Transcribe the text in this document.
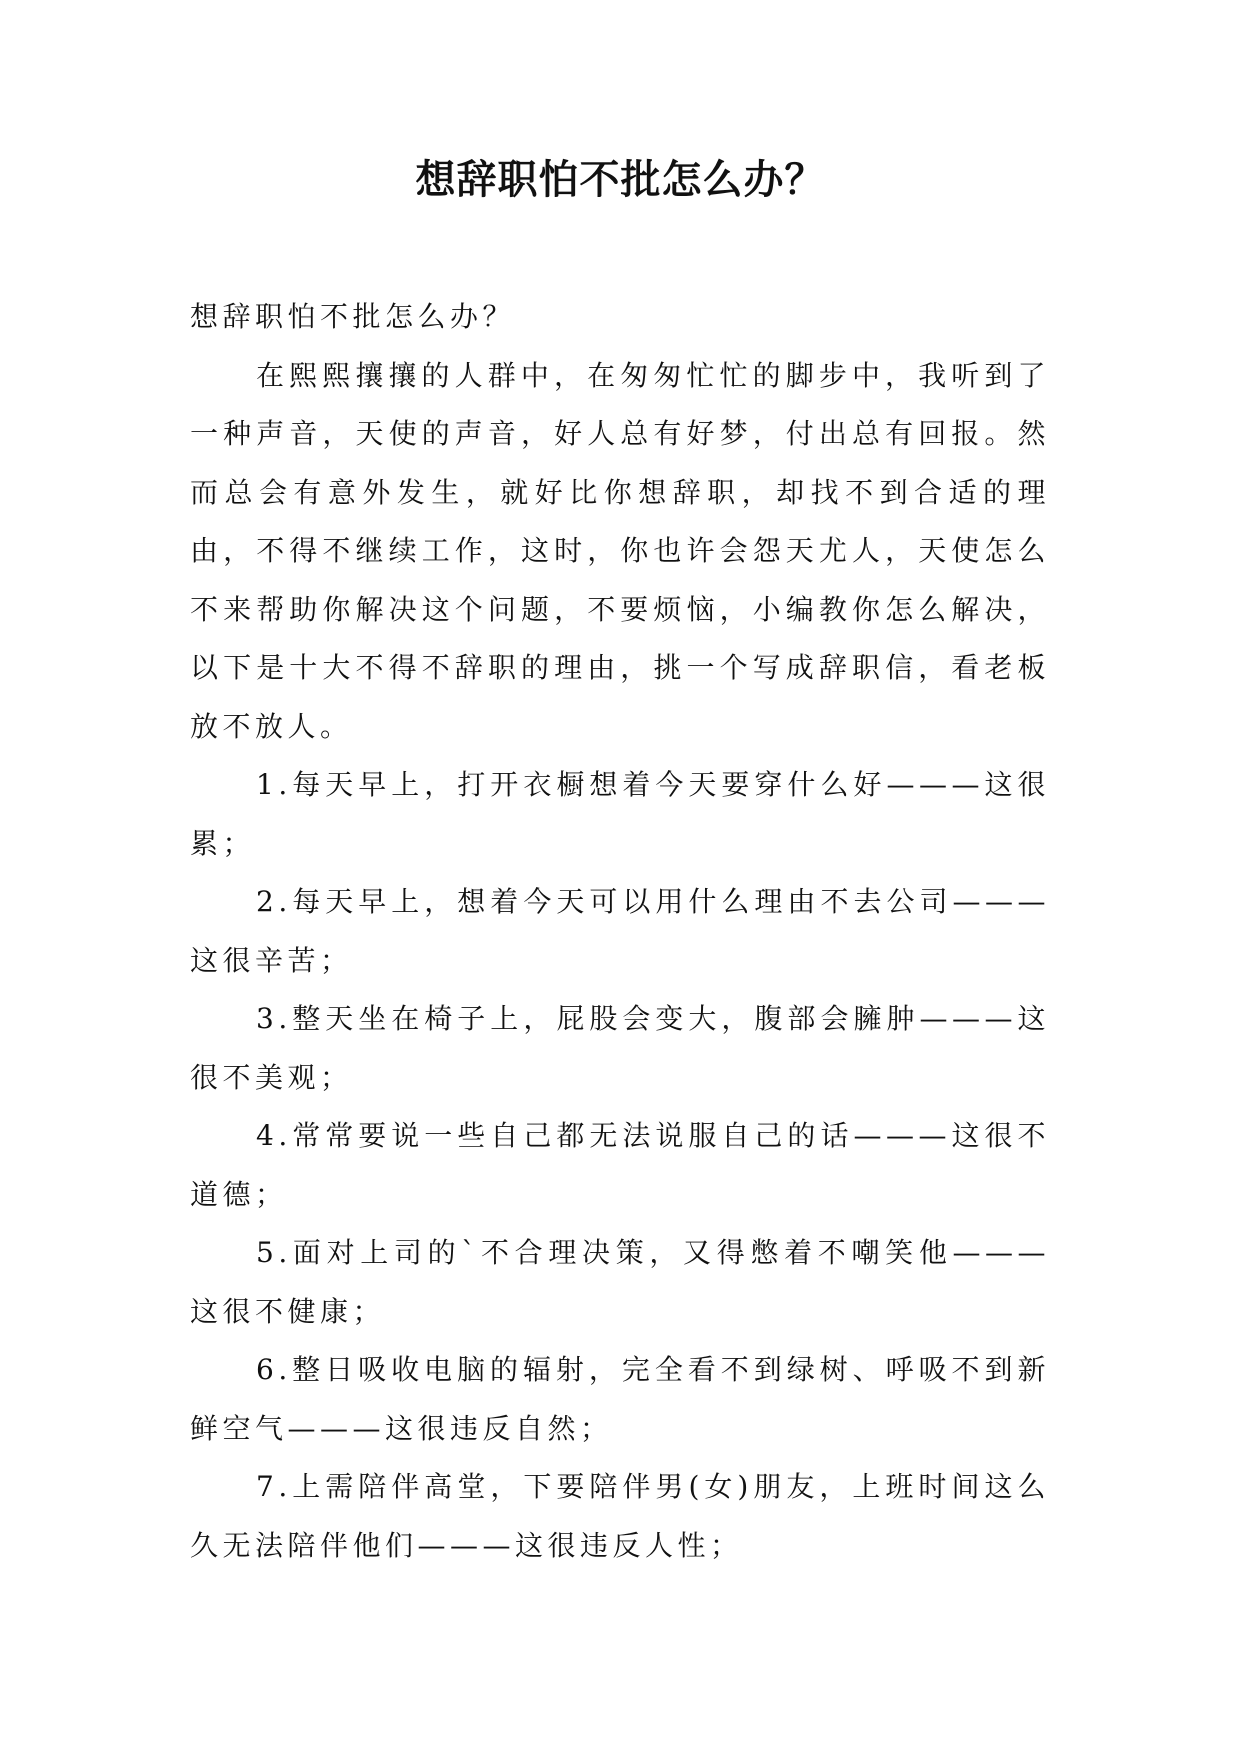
想辞职怕不批怎么办？

想辞职怕不批怎么办？

在熙熙攘攘的人群中，在匆匆忙忙的脚步中，我听到了一种声音，天使的声音，好人总有好梦，付出总有回报。然而总会有意外发生，就好比你想辞职，却找不到合适的理由，不得不继续工作，这时，你也许会怨天尤人，天使怎么不来帮助你解决这个问题，不要烦恼，小编教你怎么解决，以下是十大不得不辞职的理由，挑一个写成辞职信，看老板放不放人。

1.每天早上，打开衣橱想着今天要穿什么好———这很累；

2.每天早上，想着今天可以用什么理由不去公司———这很辛苦；

3.整天坐在椅子上，屁股会变大，腹部会臃肿———这很不美观；

4.常常要说一些自己都无法说服自己的话———这很不道德；

5.面对上司的`不合理决策，又得憋着不嘲笑他———这很不健康；

6.整日吸收电脑的辐射，完全看不到绿树、呼吸不到新鲜空气———这很违反自然；

7.上需陪伴高堂，下要陪伴男(女)朋友，上班时间这么久无法陪伴他们———这很违反人性；
